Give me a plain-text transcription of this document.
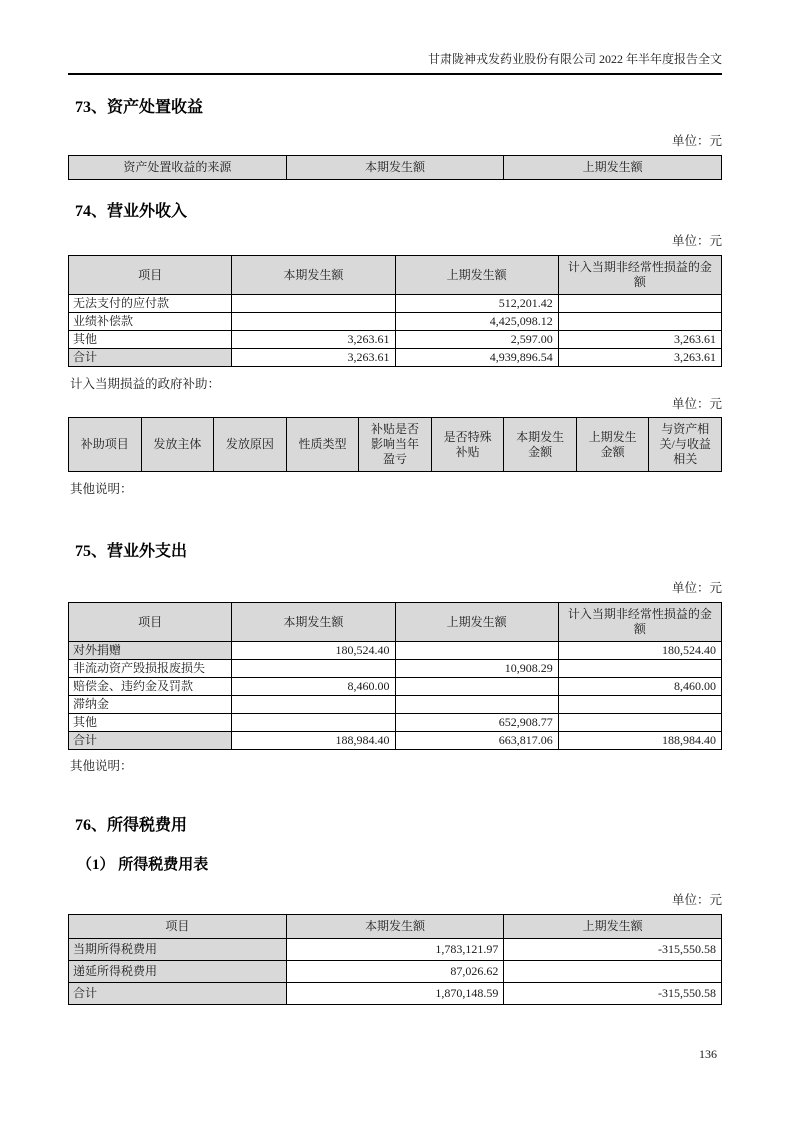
甘肃陇神戎发药业股份有限公司 2022 年半年度报告全文
73、资产处置收益

单位：元

资产处置收益的来源	本期发生额	上期发生额
74、营业外收入

单位：元

项目	本期发生额	上期发生额	计入当期非经常性损益的金额
无法支付的应付款		512,201.42	
业绩补偿款		4,425,098.12	
其他	3,263.61	2,597.00	3,263.61
合计	3,263.61	4,939,896.54	3,263.61

计入当期损益的政府补助：

单位：元

补助项目	发放主体	发放原因	性质类型	补贴是否影响当年盈亏	是否特殊补贴	本期发生金额	上期发生金额	与资产相关/与收益相关

其他说明：

75、营业外支出

单位：元

项目	本期发生额	上期发生额	计入当期非经常性损益的金额
对外捐赠	180,524.40		180,524.40
非流动资产毁损报废损失		10,908.29	
赔偿金、违约金及罚款	8,460.00		8,460.00
滞纳金			
其他		652,908.77	
合计	188,984.40	663,817.06	188,984.40

其他说明：

76、所得税费用
（1） 所得税费用表

单位：元

项目	本期发生额	上期发生额
当期所得税费用	1,783,121.97	-315,550.58
递延所得税费用	87,026.62	
合计	1,870,148.59	-315,550.58
136
